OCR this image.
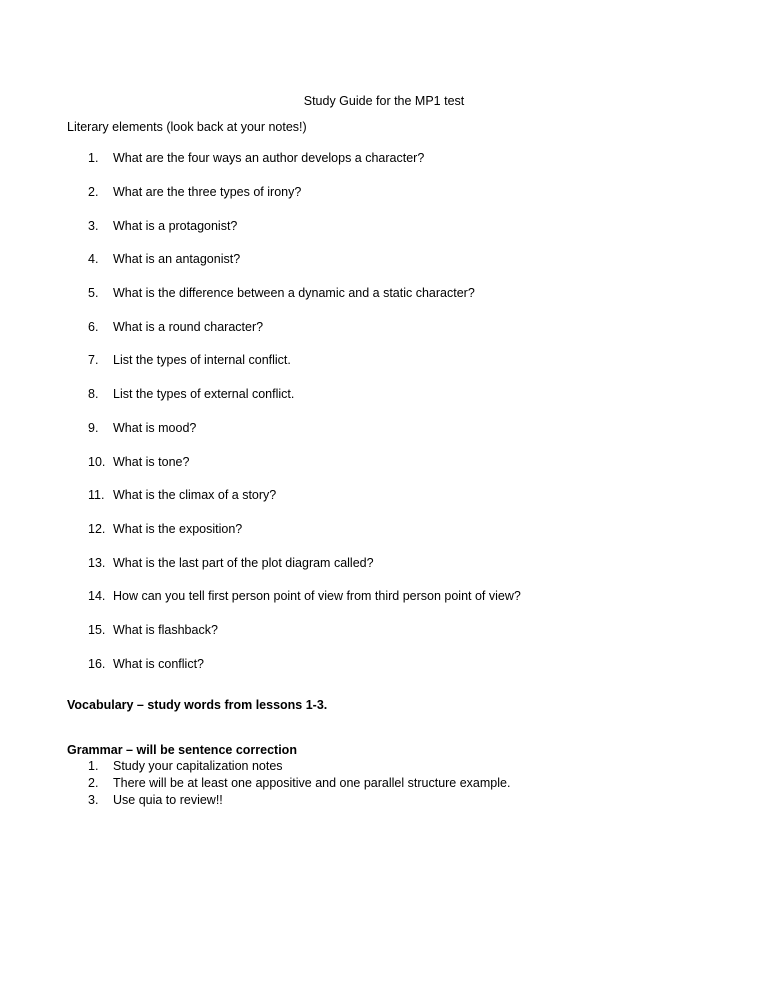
Study Guide for the MP1 test
Literary elements (look back at your notes!)
1. What are the four ways an author develops a character?
2. What are the three types of irony?
3. What is a protagonist?
4. What is an antagonist?
5. What is the difference between a dynamic and a static character?
6. What is a round character?
7. List the types of internal conflict.
8. List the types of external conflict.
9. What is mood?
10. What is tone?
11. What is the climax of a story?
12. What is the exposition?
13. What is the last part of the plot diagram called?
14. How can you tell first person point of view from third person point of view?
15. What is flashback?
16. What is conflict?
Vocabulary – study words from lessons 1-3.
Grammar – will be sentence correction
1. Study your capitalization notes
2. There will be at least one appositive and one parallel structure example.
3. Use quia to review!!
